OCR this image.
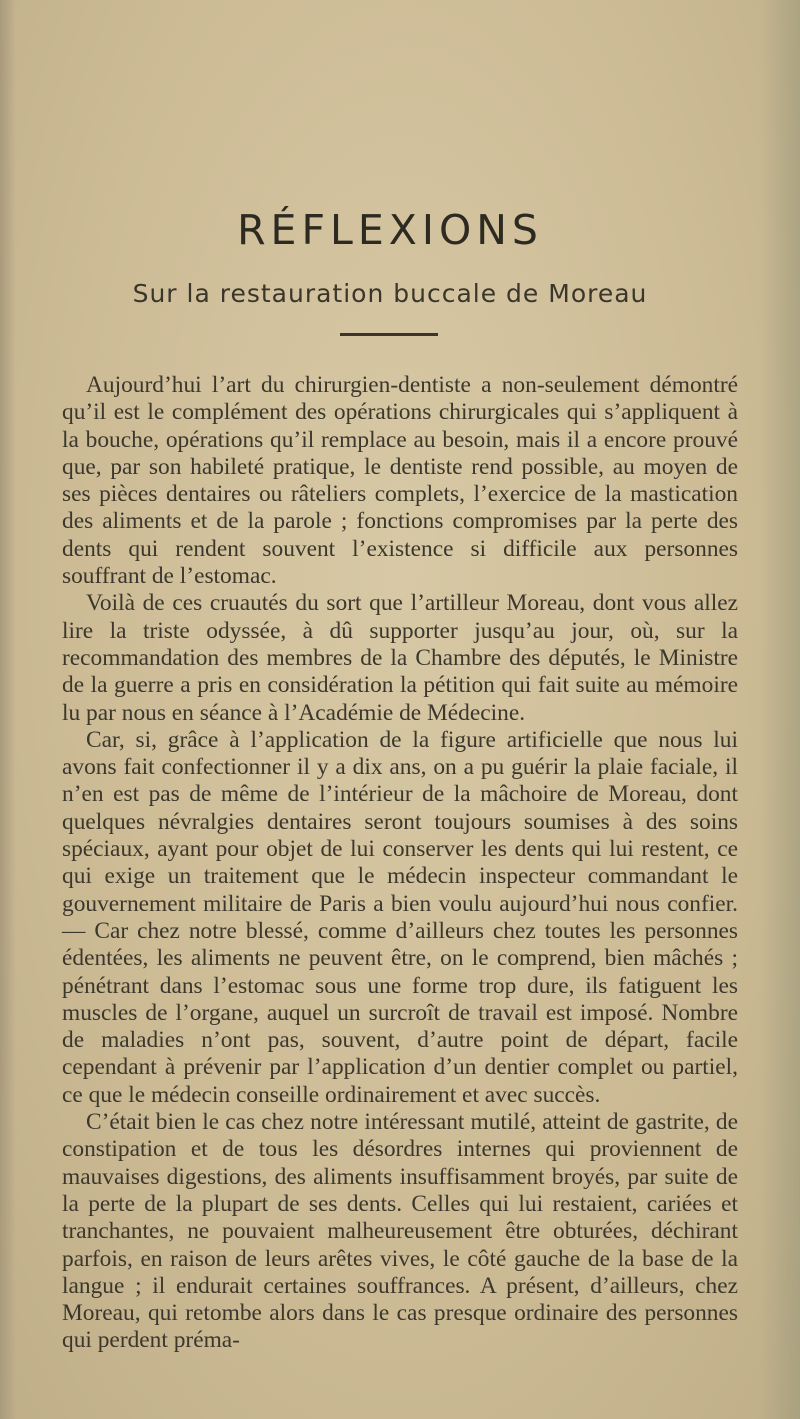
RÉFLEXIONS
Sur la restauration buccale de Moreau

Aujourd’hui l’art du chirurgien-dentiste a non-seulement démontré qu’il est le complément des opérations chirurgicales qui s’appliquent à la bouche, opérations qu’il remplace au besoin, mais il a encore prouvé que, par son habileté pratique, le dentiste rend possible, au moyen de ses pièces dentaires ou râteliers complets, l’exercice de la mastication des aliments et de la parole ; fonctions compromises par la perte des dents qui rendent souvent l’existence si difficile aux personnes souffrant de l’estomac.

Voilà de ces cruautés du sort que l’artilleur Moreau, dont vous allez lire la triste odyssée, à dû supporter jusqu’au jour, où, sur la recommandation des membres de la Chambre des députés, le Ministre de la guerre a pris en considération la pétition qui fait suite au mémoire lu par nous en séance à l’Académie de Médecine.

Car, si, grâce à l’application de la figure artificielle que nous lui avons fait confectionner il y a dix ans, on a pu guérir la plaie faciale, il n’en est pas de même de l’intérieur de la mâchoire de Moreau, dont quelques névralgies dentaires seront toujours soumises à des soins spéciaux, ayant pour objet de lui conserver les dents qui lui restent, ce qui exige un traitement que le médecin inspecteur commandant le gouvernement militaire de Paris a bien voulu aujourd’hui nous confier. — Car chez notre blessé, comme d’ailleurs chez toutes les personnes édentées, les aliments ne peuvent être, on le comprend, bien mâchés ; pénétrant dans l’estomac sous une forme trop dure, ils fatiguent les muscles de l’organe, auquel un surcroît de travail est imposé. Nombre de maladies n’ont pas, souvent, d’autre point de départ, facile cependant à prévenir par l’application d’un dentier complet ou partiel, ce que le médecin conseille ordinairement et avec succès.

C’était bien le cas chez notre intéressant mutilé, atteint de gastrite, de constipation et de tous les désordres internes qui proviennent de mauvaises digestions, des aliments insuffisamment broyés, par suite de la perte de la plupart de ses dents. Celles qui lui restaient, cariées et tranchantes, ne pouvaient malheureusement être obturées, déchirant parfois, en raison de leurs arêtes vives, le côté gauche de la base de la langue ; il endurait certaines souffrances. A présent, d’ailleurs, chez Moreau, qui retombe alors dans le cas presque ordinaire des personnes qui perdent préma-
